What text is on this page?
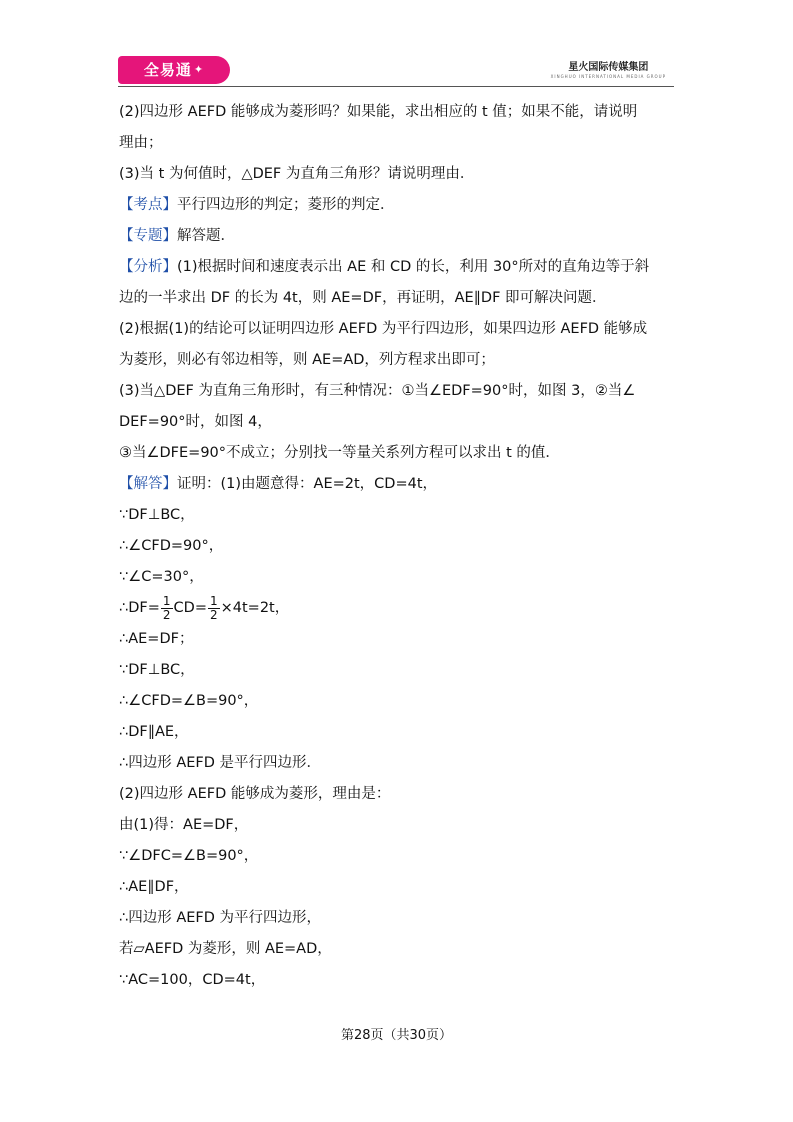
全易通 ✦	星火国际传媒集团
XINGHUO INTERNATIONAL MEDIA GROUP
(2)四边形 AEFD 能够成为菱形吗？如果能，求出相应的 t 值；如果不能，请说明
理由；
(3)当 t 为何值时，△DEF 为直角三角形？请说明理由．
【考点】平行四边形的判定；菱形的判定．
【专题】解答题．
【分析】(1)根据时间和速度表示出 AE 和 CD 的长，利用 30°所对的直角边等于斜
边的一半求出 DF 的长为 4t，则 AE=DF，再证明，AE∥DF 即可解决问题．
(2)根据(1)的结论可以证明四边形 AEFD 为平行四边形，如果四边形 AEFD 能够成
为菱形，则必有邻边相等，则 AE=AD，列方程求出即可；
(3)当△DEF 为直角三角形时，有三种情况：①当∠EDF=90°时，如图 3，②当∠
DEF=90°时，如图 4，
③当∠DFE=90°不成立；分别找一等量关系列方程可以求出 t 的值．
【解答】证明：(1)由题意得：AE=2t，CD=4t，
∵DF⊥BC，
∴∠CFD=90°，
∵∠C=30°，
∴DF= $\frac{1}{2} CD= \frac{1}{2} \times 4t=2t$，
∴AE=DF；
∵DF⊥BC，
∴∠CFD=∠B=90°，
∴DF∥AE，
∴四边形 AEFD 是平行四边形．
(2)四边形 AEFD 能够成为菱形，理由是：
由(1)得：AE=DF，
∵∠DFC=∠B=90°，
∴AE∥DF，
∴四边形 AEFD 为平行四边形，
若▱AEFD 为菱形，则 AE=AD，
∵AC=100，CD=4t，
第28页（共30页）
